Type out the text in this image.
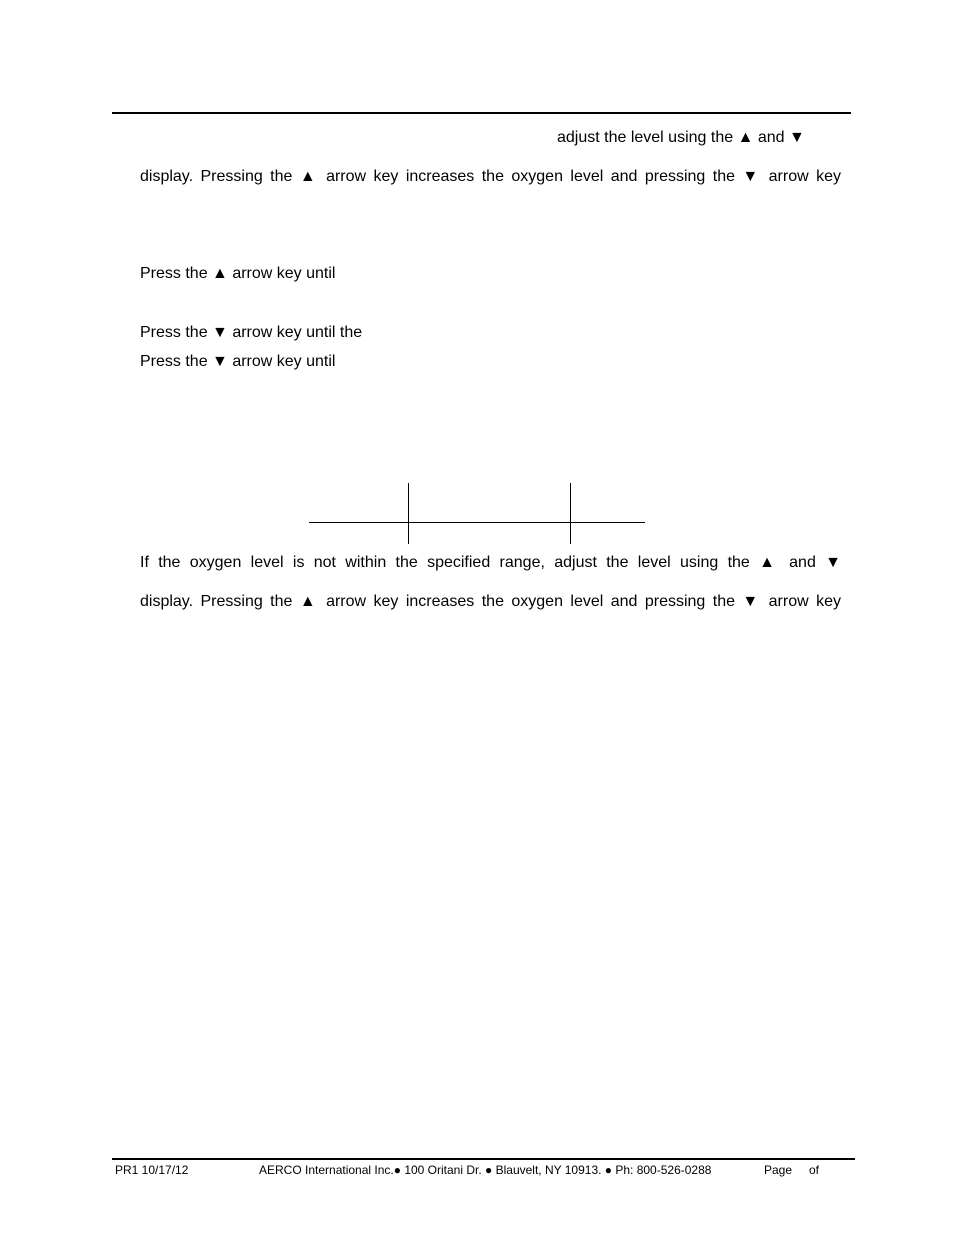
adjust the level using the ▲ and ▼
display. Pressing the ▲ arrow key increases the oxygen level and pressing the ▼ arrow key
Press the ▲ arrow key until
Press the ▼ arrow key until the
Press the ▼ arrow key until
If the oxygen level is not within the specified range, adjust the level using the ▲ and ▼
display. Pressing the ▲ arrow key increases the oxygen level and pressing the ▼ arrow key
PR1 10/17/12	AERCO International Inc.● 100 Oritani Dr. ● Blauvelt, NY 10913. ● Ph: 800-526-0288	Page of
